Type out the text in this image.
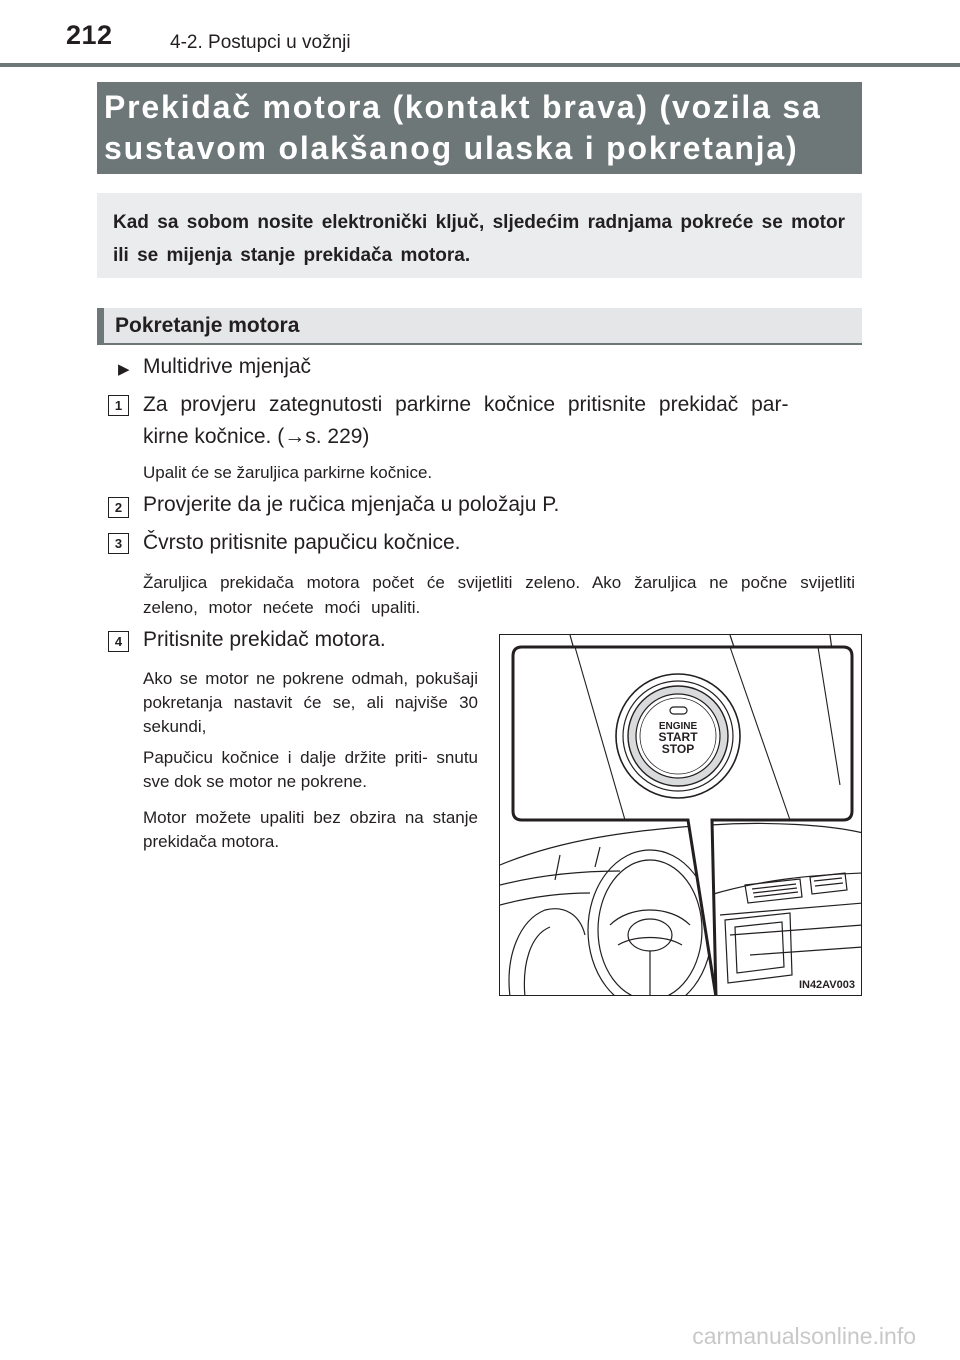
212	4-2. Postupci u vožnji
Prekidač motora (kontakt brava) (vozila sa
sustavom olakšanog ulaska i pokretanja)
Kad sa sobom nosite elektronički ključ, sljedećim radnjama pokreće se motor ili se mijenja stanje prekidača motora.
Pokretanje motora
▶ Multidrive mjenjač
1 Za provjeru zategnutosti parkirne kočnice pritisnite prekidač par-
kirne kočnice. (→s. 229)
Upalit će se žaruljica parkirne kočnice.
2 Provjerite da je ručica mjenjača u položaju P.
3 Čvrsto pritisnite papučicu kočnice.
Žaruljica prekidača motora počet će svijetliti zeleno. Ako žaruljica ne počne svijetliti zeleno, motor nećete moći upaliti.
4 Pritisnite prekidač motora.
Ako se motor ne pokrene odmah, pokušaji pokretanja nastavit će se, ali najviše 30 sekundi,
Papučicu kočnice i dalje držite priti- snutu sve dok se motor ne pokrene.
Motor možete upaliti bez obzira na stanje prekidača motora.
ENGINE
START
STOP
IN42AV003
carmanualsonline.info
